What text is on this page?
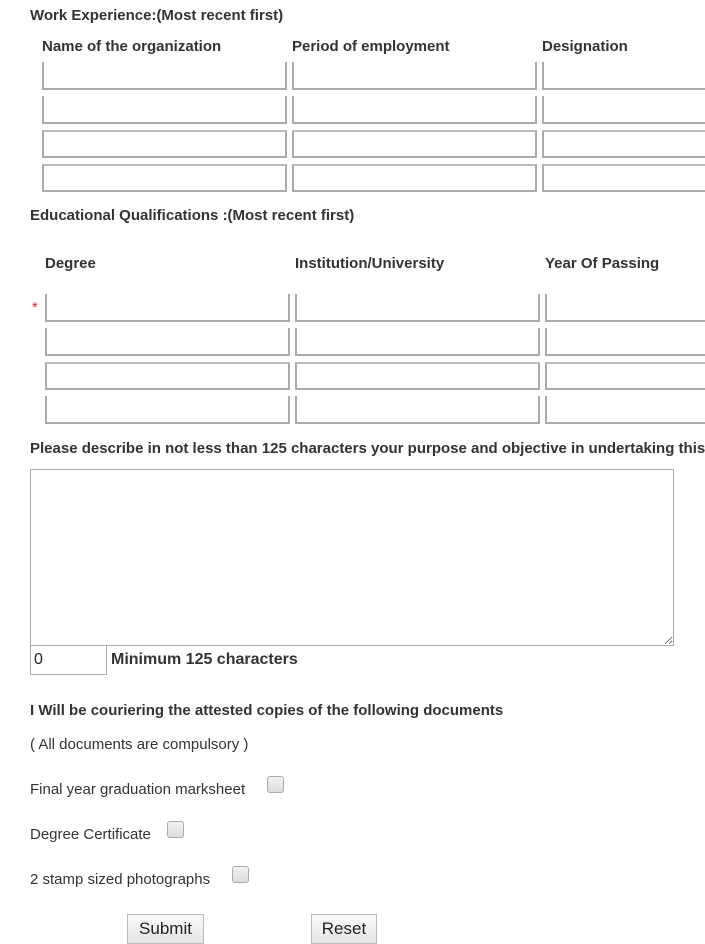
Work Experience:(Most recent first)
Name of the organization	Period of employment	Designation
Educational Qualifications :(Most recent first)
Degree	Institution/University	Year Of Passing
*
Please describe in not less than 125 characters your purpose and objective in undertaking this
0	Minimum 125 characters
I Will be couriering the attested copies of the following documents
( All documents are compulsory )
Final year graduation marksheet
Degree Certificate
2 stamp sized photographs
Submit	Reset
